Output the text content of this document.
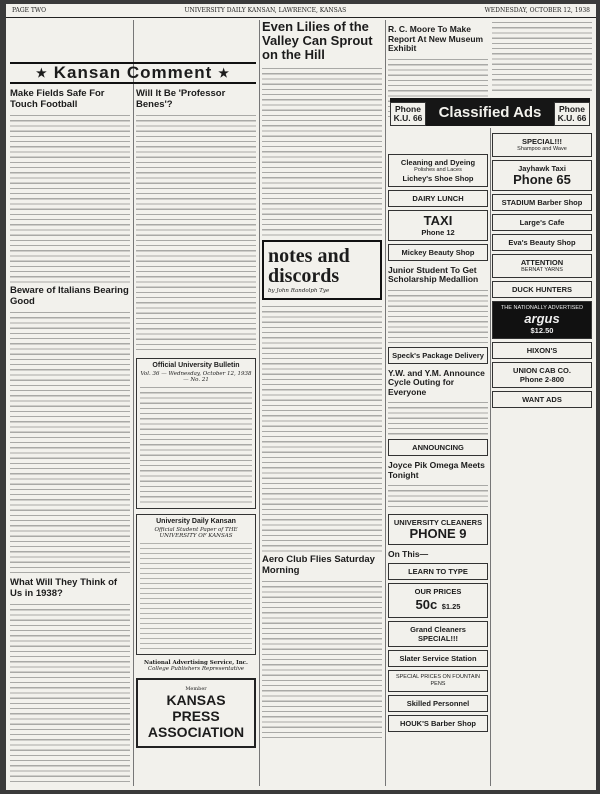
PAGE TWO	UNIVERSITY DAILY KANSAN, LAWRENCE, KANSAS	WEDNESDAY, OCTOBER 12, 1938
★ Kansan Comment ★
Make Fields Safe For Touch Football
Beware of Italians Bearing Good
What Will They Think of Us in 1938?
Will It Be 'Professor Benes'?
Official University Bulletin
Vol. 36 — Wednesday, October 12, 1938 — No. 21
University Daily Kansan
Official Student Paper of THE UNIVERSITY OF KANSAS
National Advertising Service, Inc.
College Publishers Representative
Member
KANSAS PRESS ASSOCIATION
Even Lilies of the Valley Can Sprout on the Hill
notes and discords
by John Randolph Tye
Aero Club Flies Saturday Morning
R. C. Moore To Make Report At New Museum Exhibit
Cleaning and Dyeing
Polishes and Laces
Lichey's Shoe Shop
DAIRY LUNCH
TAXI
Phone 12
Mickey Beauty Shop
Junior Student To Get Scholarship Medallion
Speck's Package Delivery
Y.W. and Y.M. Announce Cycle Outing for Everyone
ANNOUNCING
Joyce Pik Omega Meets Tonight
UNIVERSITY CLEANERS
PHONE 9
On This—
LEARN TO TYPE
OUR PRICES
50c $1.25
Grand Cleaners
SPECIAL!!!
Slater Service Station
SPECIAL PRICES ON FOUNTAIN PENS
Skilled Personnel
HOUK'S Barber Shop
Classified Ads
Phone K.U. 66
Phone K.U. 66
SPECIAL!!!
Shampoo and Wave
Jayhawk Taxi
Phone 65
STADIUM Barber Shop
Large's Cafe
Eva's Beauty Shop
ATTENTION
BERNAT YARNS
DUCK HUNTERS
THE NATIONALLY ADVERTISED
argus
$12.50
HIXON'S
UNION CAB CO.
Phone 2-800
WANT ADS
